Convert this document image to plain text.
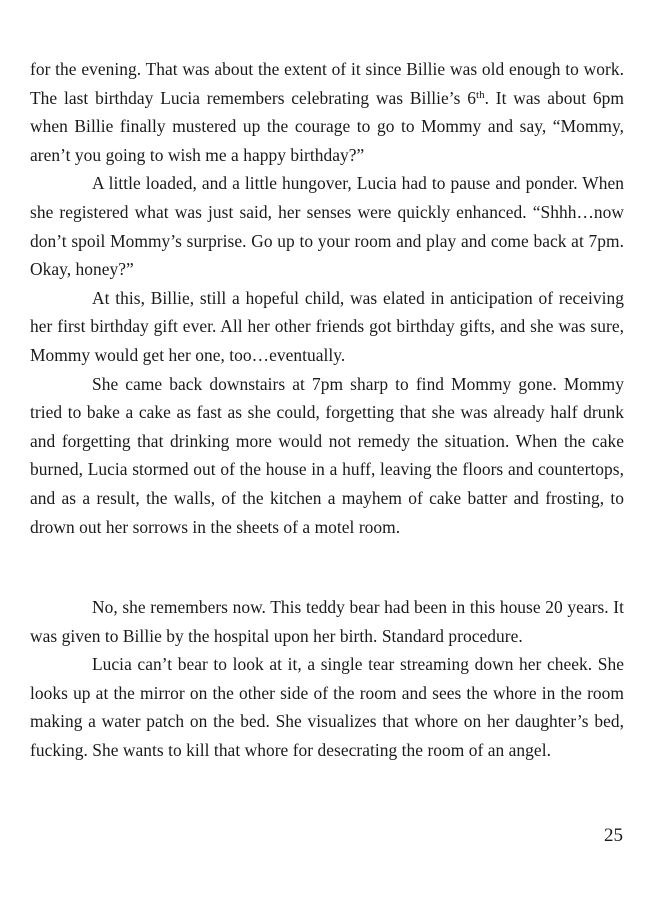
for the evening. That was about the extent of it since Billie was old enough to work. The last birthday Lucia remembers celebrating was Billie’s 6th. It was about 6pm when Billie finally mustered up the courage to go to Mommy and say, “Mommy, aren’t you going to wish me a happy birthday?”

A little loaded, and a little hungover, Lucia had to pause and ponder. When she registered what was just said, her senses were quickly enhanced. “Shhh…now don’t spoil Mommy’s surprise. Go up to your room and play and come back at 7pm. Okay, honey?”

At this, Billie, still a hopeful child, was elated in anticipation of receiving her first birthday gift ever. All her other friends got birthday gifts, and she was sure, Mommy would get her one, too…eventually.

She came back downstairs at 7pm sharp to find Mommy gone. Mommy tried to bake a cake as fast as she could, forgetting that she was already half drunk and forgetting that drinking more would not remedy the situation. When the cake burned, Lucia stormed out of the house in a huff, leaving the floors and countertops, and as a result, the walls, of the kitchen a mayhem of cake batter and frosting, to drown out her sorrows in the sheets of a motel room.

No, she remembers now. This teddy bear had been in this house 20 years. It was given to Billie by the hospital upon her birth. Standard procedure.

Lucia can’t bear to look at it, a single tear streaming down her cheek. She looks up at the mirror on the other side of the room and sees the whore in the room making a water patch on the bed. She visualizes that whore on her daughter’s bed, fucking. She wants to kill that whore for desecrating the room of an angel.

25
